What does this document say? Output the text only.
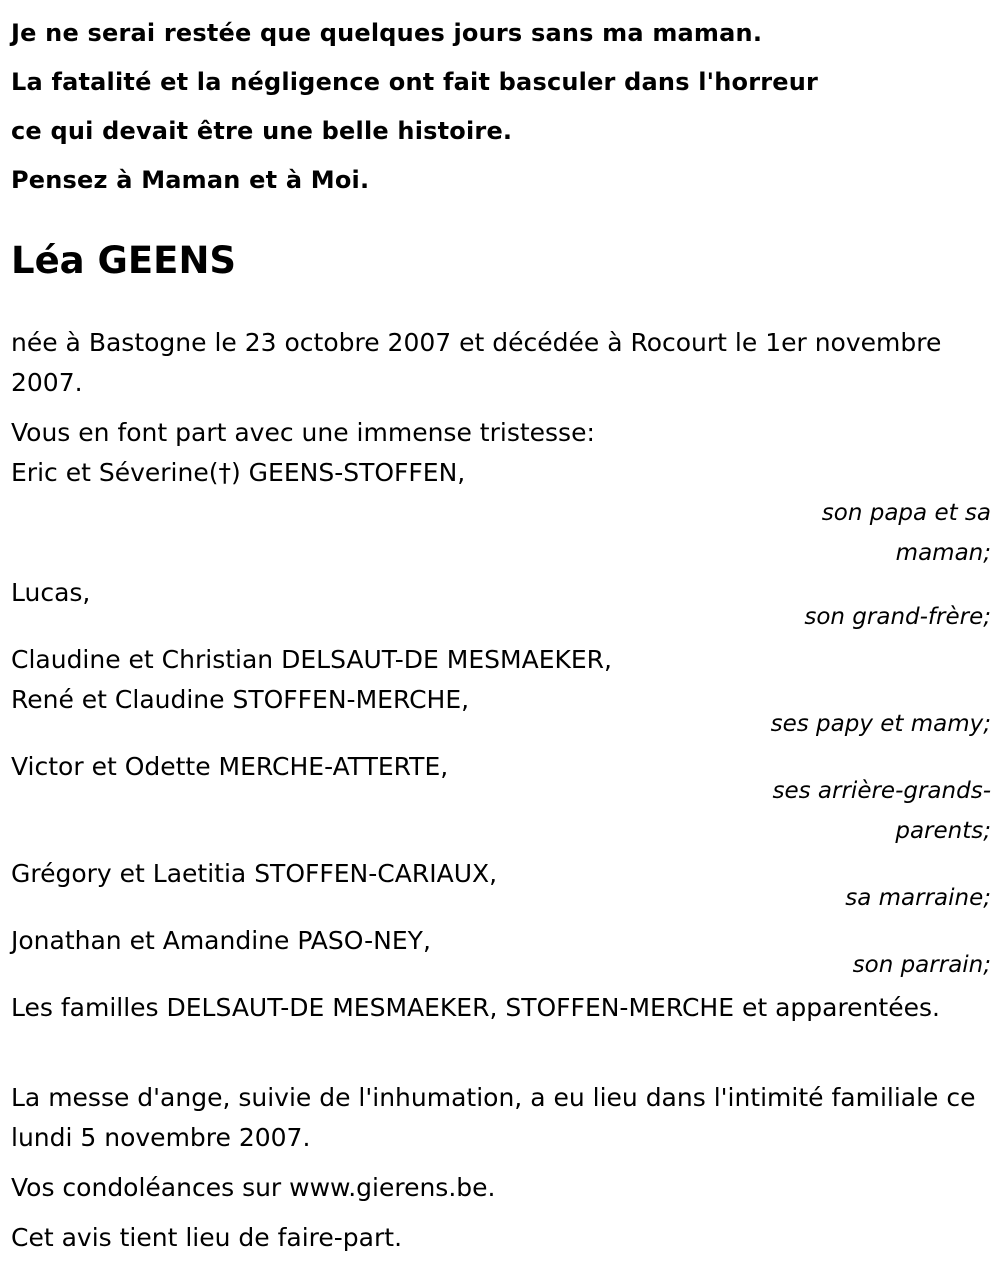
Je ne serai restée que quelques jours sans ma maman.
La fatalité et la négligence ont fait basculer dans l'horreur
ce qui devait être une belle histoire.
Pensez à Maman et à Moi.
Léa GEENS

née à Bastogne le 23 octobre 2007 et décédée à Rocourt le 1er novembre 2007.

Vous en font part avec une immense tristesse:

Eric et Séverine(†) GEENS-STOFFEN,
son papa et sa maman;
Lucas,
son grand-frère;
Claudine et Christian DELSAUT-DE MESMAEKER,
René et Claudine STOFFEN-MERCHE,
ses papy et mamy;
Victor et Odette MERCHE-ATTERTE,
ses arrière-grands-parents;
Grégory et Laetitia STOFFEN-CARIAUX,
sa marraine;
Jonathan et Amandine PASO-NEY,
son parrain;

Les familles DELSAUT-DE MESMAEKER, STOFFEN-MERCHE et apparentées.

La messe d'ange, suivie de l'inhumation, a eu lieu dans l'intimité familiale ce lundi 5 novembre 2007.

Vos condoléances sur www.gierens.be.

Cet avis tient lieu de faire-part.
